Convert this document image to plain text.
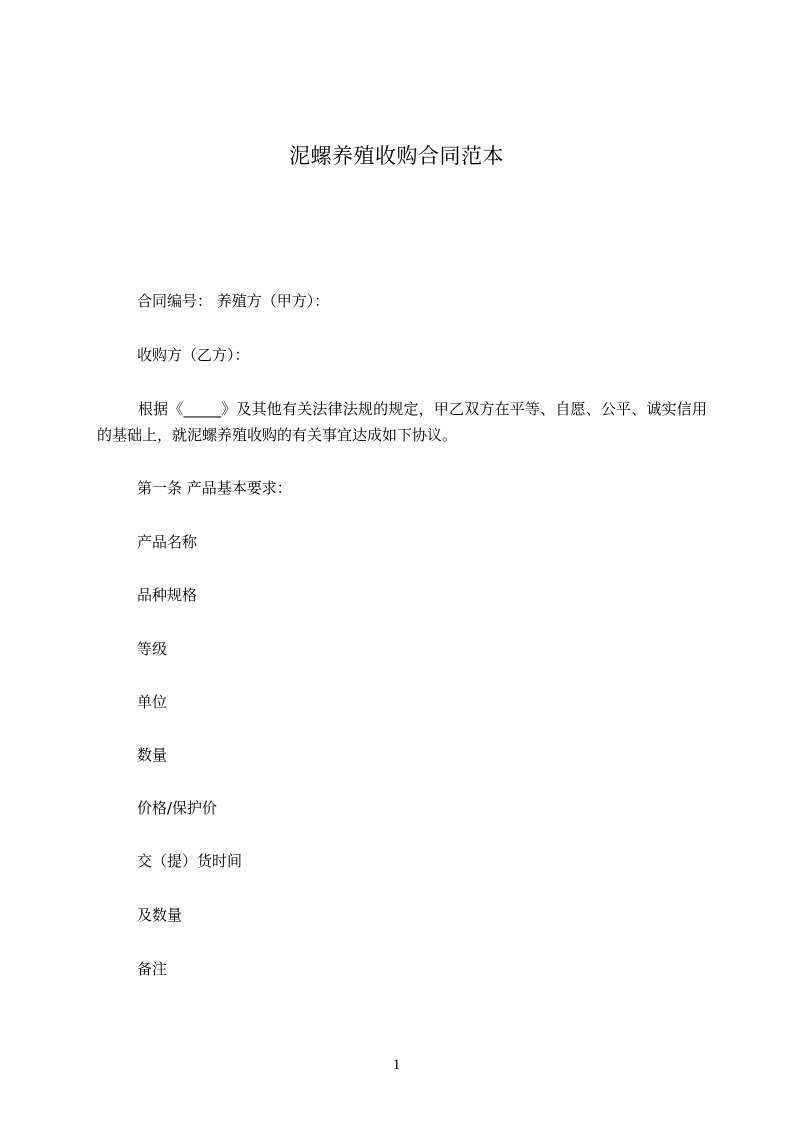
泥螺养殖收购合同范本
合同编号： 养殖方（甲方）：
收购方（乙方）：
根据《_____》及其他有关法律法规的规定，甲乙双方在平等、自愿、公平、诚实信用的基础上，就泥螺养殖收购的有关事宜达成如下协议。
第一条 产品基本要求：
产品名称
品种规格
等级
单位
数量
价格/保护价
交（提）货时间
及数量
备注
1
